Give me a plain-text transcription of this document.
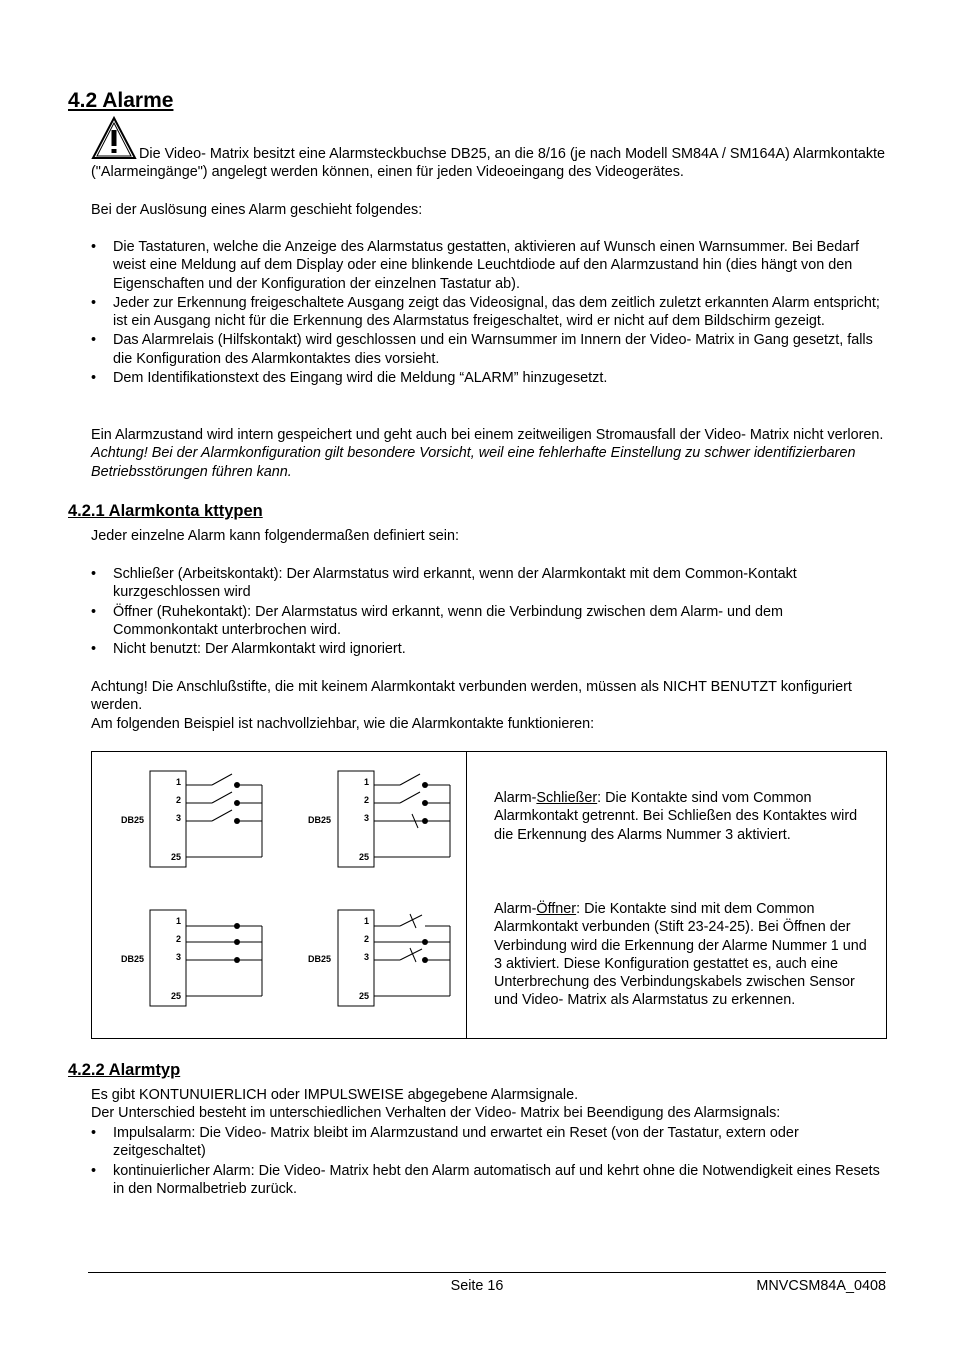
4.2 Alarme

Die Video- Matrix besitzt eine Alarmsteckbuchse DB25, an die 8/16 (je nach Modell SM84A / SM164A) Alarmkontakte ("Alarmeingänge") angelegt werden können, einen für jeden Videoeingang des Videogerätes.

Bei der Auslösung eines Alarm geschieht folgendes:

• Die Tastaturen, welche die Anzeige des Alarmstatus gestatten, aktivieren auf Wunsch einen Warnsummer. Bei Bedarf weist eine Meldung auf dem Display oder eine blinkende Leuchtdiode auf den Alarmzustand hin (dies hängt von den Eigenschaften und der Konfiguration der einzelnen Tastatur ab).
• Jeder zur Erkennung freigeschaltete Ausgang zeigt das Videosignal, das dem zeitlich zuletzt erkannten Alarm entspricht; ist ein Ausgang nicht für die Erkennung des Alarmstatus freigeschaltet, wird er nicht auf dem Bildschirm gezeigt.
• Das Alarmrelais (Hilfskontakt) wird geschlossen und ein Warnsummer im Innern der Video- Matrix in Gang gesetzt, falls die Konfiguration des Alarmkontaktes dies vorsieht.
• Dem Identifikationstext des Eingang wird die Meldung “ALARM” hinzugesetzt.

Ein Alarmzustand wird intern gespeichert und geht auch bei einem zeitweiligen Stromausfall der Video- Matrix nicht verloren. Achtung! Bei der Alarmkonfiguration gilt besondere Vorsicht, weil eine fehlerhafte Einstellung zu schwer identifizierbaren Betriebsstörungen führen kann.

4.2.1 Alarmkonta kttypen

Jeder einzelne Alarm kann folgendermaßen definiert sein:

• Schließer (Arbeitskontakt): Der Alarmstatus wird erkannt, wenn der Alarmkontakt mit dem Common-Kontakt kurzgeschlossen wird
• Öffner (Ruhekontakt): Der Alarmstatus wird erkannt, wenn die Verbindung zwischen dem Alarm- und dem Commonkontakt unterbrochen wird.
• Nicht benutzt: Der Alarmkontakt wird ignoriert.

Achtung! Die Anschlußstifte, die mit keinem Alarmkontakt verbunden werden, müssen als NICHT BENUTZT konfiguriert werden.

Am folgenden Beispiel ist nachvollziehbar, wie die Alarmkontakte funktionieren:

DB25
1
2
3
25
DB25
1
2
3
25
DB25
1
2
3
25
DB25
1
2
3
25

Alarm-Schließer: Die Kontakte sind vom Common Alarmkontakt getrennt. Bei Schließen des Kontaktes wird die Erkennung des Alarms Nummer 3 aktiviert.

Alarm-Öffner: Die Kontakte sind mit dem Common Alarmkontakt verbunden (Stift 23-24-25). Bei Öffnen der Verbindung wird die Erkennung der Alarme Nummer 1 und 3 aktiviert. Diese Konfiguration gestattet es, auch eine Unterbrechung des Verbindungskabels zwischen Sensor und Video- Matrix als Alarmstatus zu erkennen.

4.2.2 Alarmtyp

Es gibt KONTUNUIERLICH oder IMPULSWEISE abgegebene Alarmsignale.

Der Unterschied besteht im unterschiedlichen Verhalten der Video- Matrix bei Beendigung des Alarmsignals:

• Impulsalarm: Die Video- Matrix bleibt im Alarmzustand und erwartet ein Reset (von der Tastatur, extern oder zeitgeschaltet)
• kontinuierlicher Alarm: Die Video- Matrix hebt den Alarm automatisch auf und kehrt ohne die Notwendigkeit eines Resets in den Normalbetrieb zurück.
Seite 16	MNVCSM84A_0408
